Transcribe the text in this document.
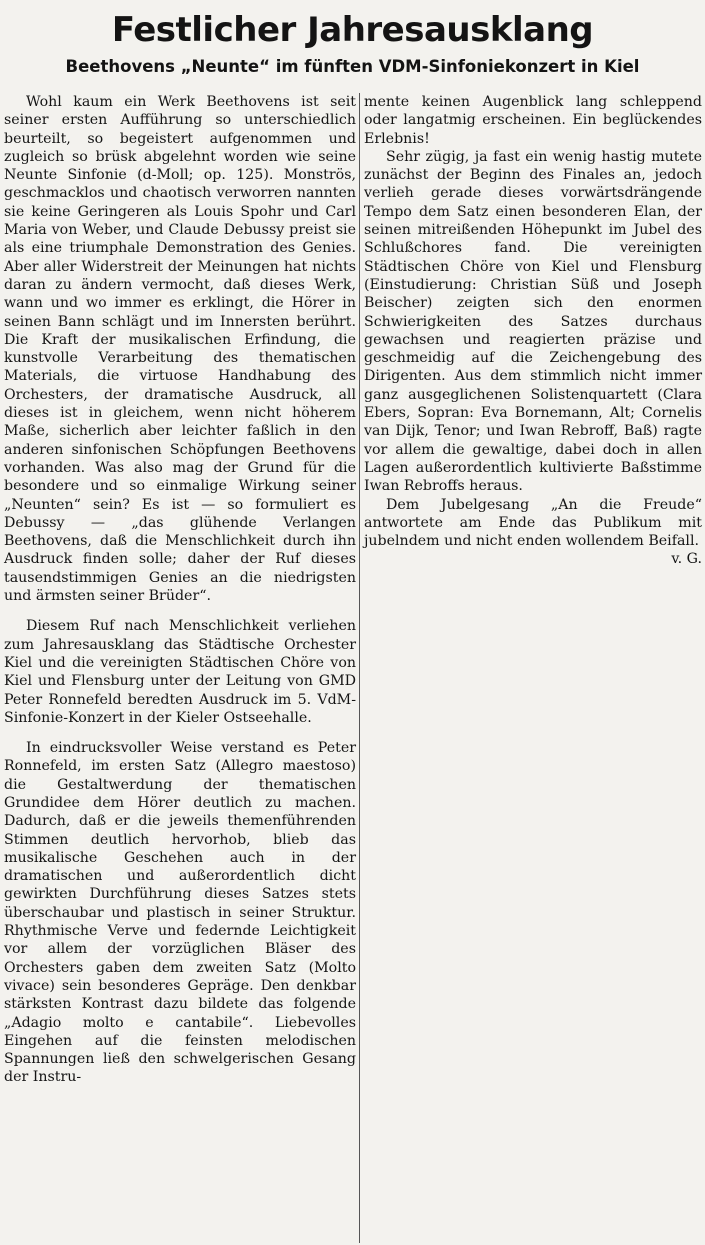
Festlicher Jahresausklang
Beethovens „Neunte“ im fünften VDM-Sinfoniekonzert in Kiel

Wohl kaum ein Werk Beethovens ist seit seiner ersten Aufführung so unterschiedlich beurteilt, so begeistert aufgenommen und zugleich so brüsk abgelehnt worden wie seine Neunte Sinfonie (d-Moll; op. 125). Monströs, geschmacklos und chaotisch verworren nannten sie keine Geringeren als Louis Spohr und Carl Maria von Weber, und Claude Debussy preist sie als eine triumphale Demonstration des Genies. Aber aller Widerstreit der Meinungen hat nichts daran zu ändern vermocht, daß dieses Werk, wann und wo immer es erklingt, die Hörer in seinen Bann schlägt und im Innersten berührt. Die Kraft der musikalischen Erfindung, die kunstvolle Verarbeitung des thematischen Materials, die virtuose Handhabung des Orchesters, der dramatische Ausdruck, all dieses ist in gleichem, wenn nicht höherem Maße, sicherlich aber leichter faßlich in den anderen sinfonischen Schöpfungen Beethovens vorhanden. Was also mag der Grund für die besondere und so einmalige Wirkung seiner „Neunten“ sein? Es ist — so formuliert es Debussy — „das glühende Verlangen Beethovens, daß die Menschlichkeit durch ihn Ausdruck finden solle; daher der Ruf dieses tausendstimmigen Genies an die niedrigsten und ärmsten seiner Brüder“.

Diesem Ruf nach Menschlichkeit verliehen zum Jahresausklang das Städtische Orchester Kiel und die vereinigten Städtischen Chöre von Kiel und Flensburg unter der Leitung von GMD Peter Ronnefeld beredten Ausdruck im 5. VdM-Sinfonie-Konzert in der Kieler Ostseehalle.

In eindrucksvoller Weise verstand es Peter Ronnefeld, im ersten Satz (Allegro maestoso) die Gestaltwerdung der thematischen Grundidee dem Hörer deutlich zu machen. Dadurch, daß er die jeweils themenführenden Stimmen deutlich hervorhob, blieb das musikalische Geschehen auch in der dramatischen und außerordentlich dicht gewirkten Durchführung dieses Satzes stets überschaubar und plastisch in seiner Struktur. Rhythmische Verve und federnde Leichtigkeit vor allem der vorzüglichen Bläser des Orchesters gaben dem zweiten Satz (Molto vivace) sein besonderes Gepräge. Den denkbar stärksten Kontrast dazu bildete das folgende „Adagio molto e cantabile“. Liebevolles Eingehen auf die feinsten melodischen Spannungen ließ den schwelgerischen Gesang der Instru-

mente keinen Augenblick lang schleppend oder langatmig erscheinen. Ein beglückendes Erlebnis!

Sehr zügig, ja fast ein wenig hastig mutete zunächst der Beginn des Finales an, jedoch verlieh gerade dieses vorwärtsdrängende Tempo dem Satz einen besonderen Elan, der seinen mitreißenden Höhepunkt im Jubel des Schlußchores fand. Die vereinigten Städtischen Chöre von Kiel und Flensburg (Einstudierung: Christian Süß und Joseph Beischer) zeigten sich den enormen Schwierigkeiten des Satzes durchaus gewachsen und reagierten präzise und geschmeidig auf die Zeichengebung des Dirigenten. Aus dem stimmlich nicht immer ganz ausgeglichenen Solistenquartett (Clara Ebers, Sopran: Eva Bornemann, Alt; Cornelis van Dijk, Tenor; und Iwan Rebroff, Baß) ragte vor allem die gewaltige, dabei doch in allen Lagen außerordentlich kultivierte Baßstimme Iwan Rebroffs heraus.

Dem Jubelgesang „An die Freude“ antwortete am Ende das Publikum mit jubelndem und nicht enden wollendem Beifall.
v. G.
